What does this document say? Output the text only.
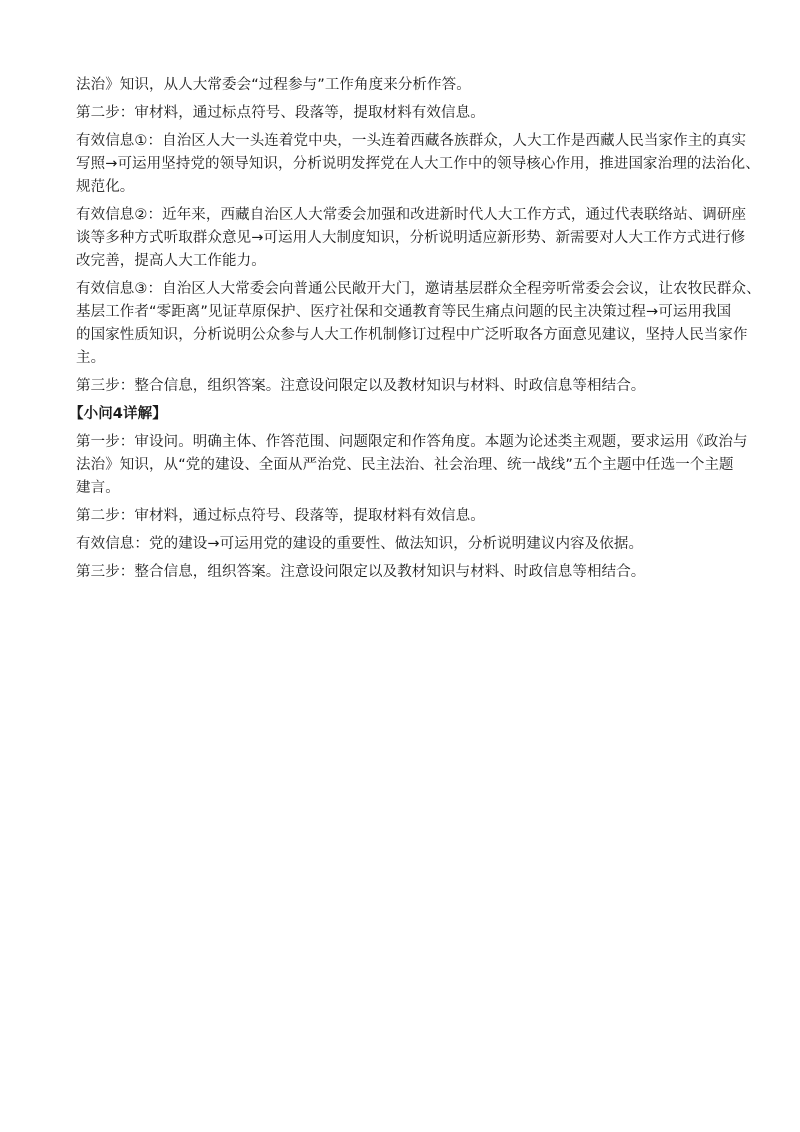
法治》知识，从人大常委会“过程参与”工作角度来分析作答。
第二步：审材料，通过标点符号、段落等，提取材料有效信息。
有效信息①：自治区人大一头连着党中央，一头连着西藏各族群众，人大工作是西藏人民当家作主的真实
写照→可运用坚持党的领导知识，分析说明发挥党在人大工作中的领导核心作用，推进国家治理的法治化、
规范化。
有效信息②：近年来，西藏自治区人大常委会加强和改进新时代人大工作方式，通过代表联络站、调研座
谈等多种方式听取群众意见→可运用人大制度知识，分析说明适应新形势、新需要对人大工作方式进行修
改完善，提高人大工作能力。
有效信息③：自治区人大常委会向普通公民敞开大门，邀请基层群众全程旁听常委会会议，让农牧民群众、
基层工作者“零距离”见证草原保护、医疗社保和交通教育等民生痛点问题的民主决策过程→可运用我国
的国家性质知识，分析说明公众参与人大工作机制修订过程中广泛听取各方面意见建议，坚持人民当家作
主。
第三步：整合信息，组织答案。注意设问限定以及教材知识与材料、时政信息等相结合。
【小问4详解】
第一步：审设问。明确主体、作答范围、问题限定和作答角度。本题为论述类主观题，要求运用《政治与
法治》知识，从“党的建设、全面从严治党、民主法治、社会治理、统一战线”五个主题中任选一个主题
建言。
第二步：审材料，通过标点符号、段落等，提取材料有效信息。
有效信息：党的建设→可运用党的建设的重要性、做法知识，分析说明建议内容及依据。
第三步：整合信息，组织答案。注意设问限定以及教材知识与材料、时政信息等相结合。
